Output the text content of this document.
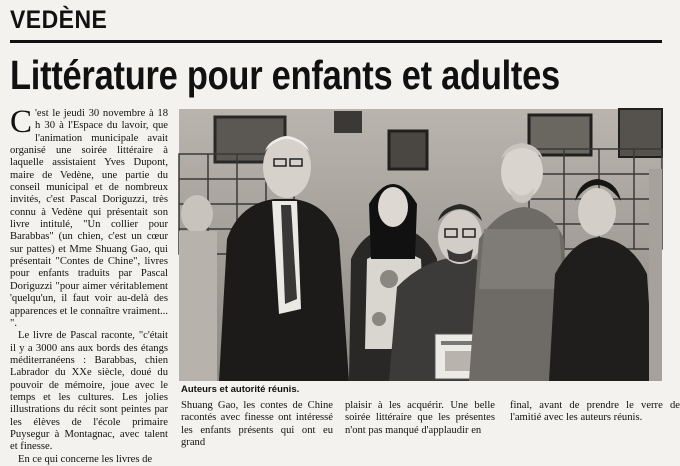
VEDÈNE
Littérature pour enfants et adultes

C 'est le jeudi 30 novembre à 18 h 30 à l'Espace du lavoir, que l'animation municipale avait organisé une soirée littéraire à laquelle assistaient Yves Dupont, maire de Vedène, une partie du conseil municipal et de nombreux invités, c'est Pascal Doriguzzi, très connu à Vedène qui présentait son livre intitulé, "Un collier pour Barabbas" (un chien, c'est un cœur sur pattes) et Mme Shuang Gao, qui présentait "Contes de Chine", livres pour enfants traduits par Pascal Doriguzzi "pour aimer véritablement 'quelqu'un, il faut voir au-delà des apparences et le connaître vraiment... ".

Le livre de Pascal raconte, "c'était il y a 3000 ans aux bords des étangs méditerranéens : Barabbas, chien Labrador du XXe siècle, doué du pouvoir de mémoire, joue avec le temps et les cultures. Les jolies illustrations du récit sont peintes par les élèves de l'école primaire Puysegur à Montagnac, avec talent et finesse.

En ce qui concerne les livres de

Auteurs et autorité réunis.

Shuang Gao, les contes de Chine racontés avec finesse ont intéressé les enfants présents qui ont eu grand

plaisir à les acquérir. Une belle soirée littéraire que les présentes n'ont pas manqué d'applaudir en

final, avant de prendre le verre de l'amitié avec les auteurs réunis.
